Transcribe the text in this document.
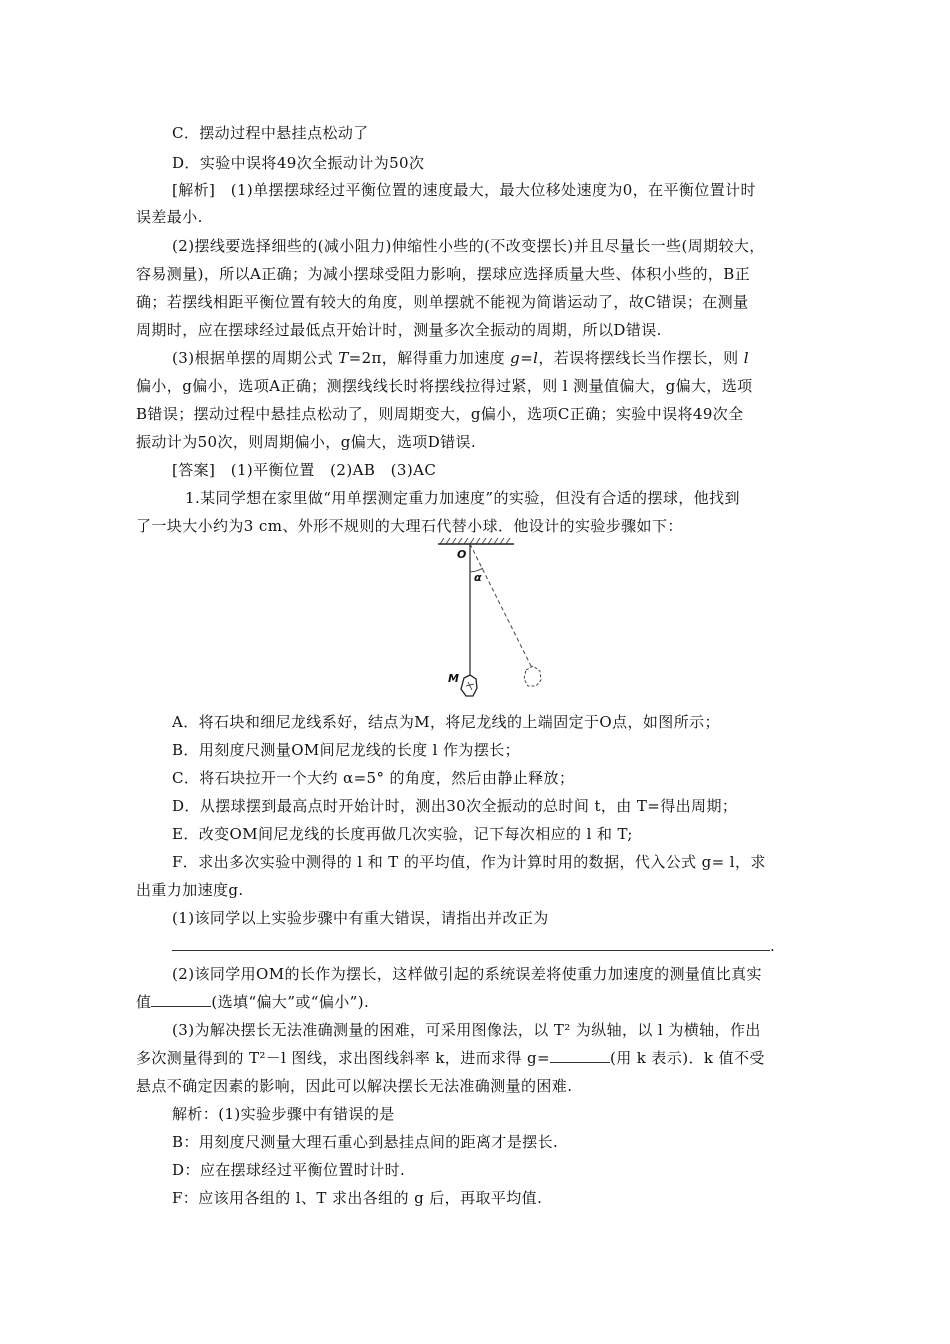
C．摆动过程中悬挂点松动了
D．实验中误将49次全振动计为50次
[解析]　(1)单摆摆球经过平衡位置的速度最大，最大位移处速度为0，在平衡位置计时
误差最小.
(2)摆线要选择细些的(减小阻力)伸缩性小些的(不改变摆长)并且尽量长一些(周期较大，
容易测量)，所以A正确；为减小摆球受阻力影响，摆球应选择质量大些、体积小些的，B正
确；若摆线相距平衡位置有较大的角度，则单摆就不能视为简谐运动了，故C错误；在测量
周期时，应在摆球经过最低点开始计时，测量多次全振动的周期，所以D错误.
(3)根据单摆的周期公式 T=2π，解得重力加速度 g=l，若误将摆线长当作摆长，则 l
偏小，g偏小，选项A正确；测摆线线长时将摆线拉得过紧，则 l 测量值偏大，g偏大，选项
B错误；摆动过程中悬挂点松动了，则周期变大，g偏小，选项C正确；实验中误将49次全
振动计为50次，则周期偏小，g偏大，选项D错误.
[答案]　(1)平衡位置　(2)AB　(3)AC
1.某同学想在家里做“用单摆测定重力加速度”的实验，但没有合适的摆球，他找到
了一块大小约为3 cm、外形不规则的大理石代替小球．他设计的实验步骤如下：
O
α
M
A．将石块和细尼龙线系好，结点为M，将尼龙线的上端固定于O点，如图所示；
B．用刻度尺测量OM间尼龙线的长度 l 作为摆长；
C．将石块拉开一个大约 α=5° 的角度，然后由静止释放；
D．从摆球摆到最高点时开始计时，测出30次全振动的总时间 t，由 T=得出周期；
E．改变OM间尼龙线的长度再做几次实验，记下每次相应的 l 和 T;
F．求出多次实验中测得的 l 和 T 的平均值，作为计算时用的数据，代入公式 g= l，求
出重力加速度g.
(1)该同学以上实验步骤中有重大错误，请指出并改正为
.
(2)该同学用OM的长作为摆长，这样做引起的系统误差将使重力加速度的测量值比真实
值	(选填“偏大”或“偏小”).
(3)为解决摆长无法准确测量的困难，可采用图像法，以 T² 为纵轴，以 l 为横轴，作出
多次测量得到的 T²－l 图线，求出图线斜率 k，进而求得 g=	(用 k 表示)．k 值不受
悬点不确定因素的影响，因此可以解决摆长无法准确测量的困难.
解析：(1)实验步骤中有错误的是
B：用刻度尺测量大理石重心到悬挂点间的距离才是摆长.
D：应在摆球经过平衡位置时计时.
F：应该用各组的 l、T 求出各组的 g 后，再取平均值.
